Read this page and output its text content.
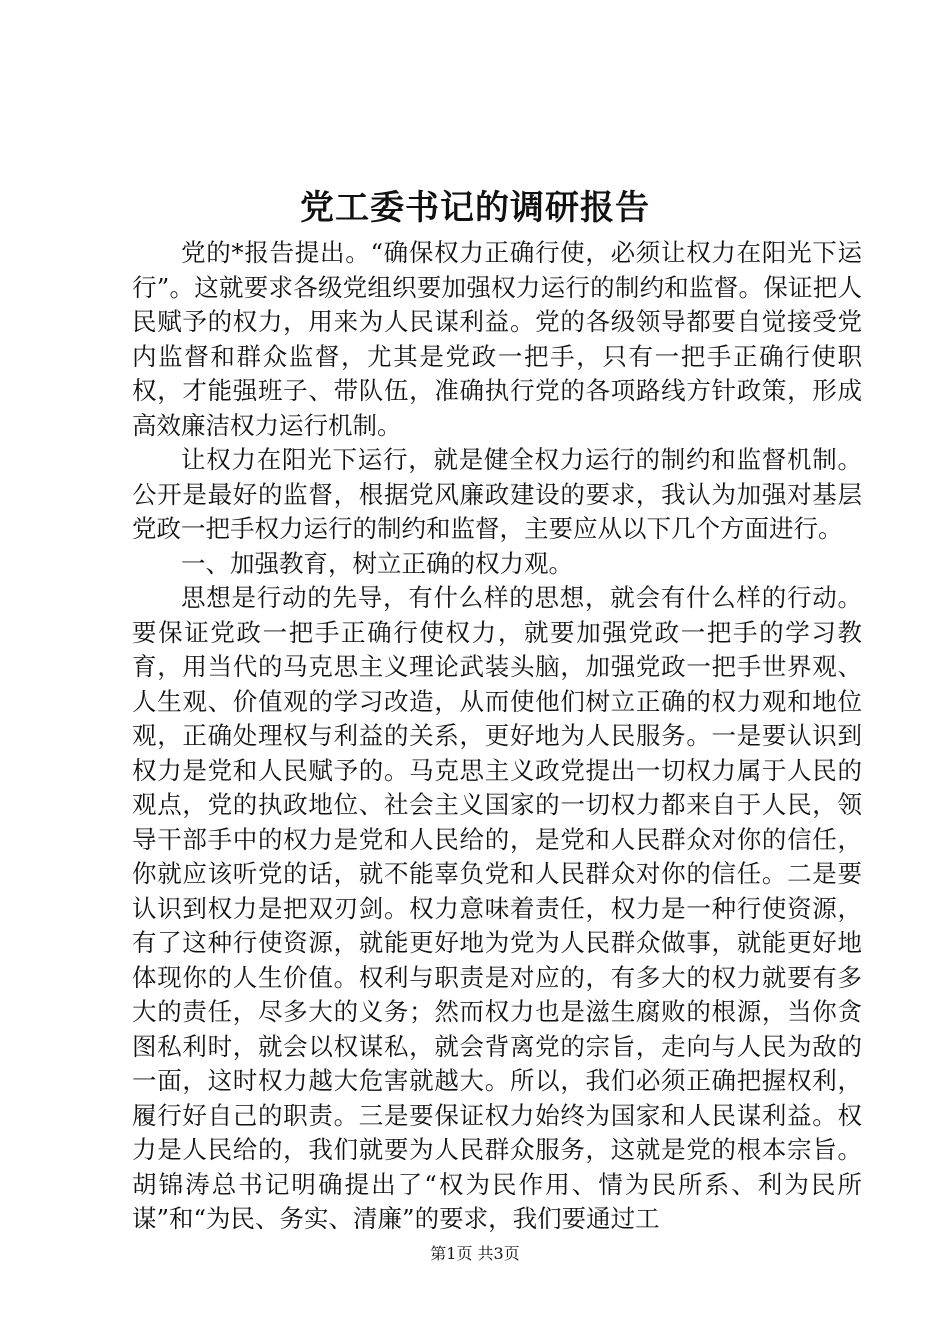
党工委书记的调研报告

党的*报告提出。“确保权力正确行使，必须让权力在阳光下运行”。这就要求各级党组织要加强权力运行的制约和监督。保证把人民赋予的权力，用来为人民谋利益。党的各级领导都要自觉接受党内监督和群众监督，尤其是党政一把手，只有一把手正确行使职权，才能强班子、带队伍，准确执行党的各项路线方针政策，形成高效廉洁权力运行机制。

让权力在阳光下运行，就是健全权力运行的制约和监督机制。公开是最好的监督，根据党风廉政建设的要求，我认为加强对基层党政一把手权力运行的制约和监督，主要应从以下几个方面进行。

一、加强教育，树立正确的权力观。

思想是行动的先导，有什么样的思想，就会有什么样的行动。要保证党政一把手正确行使权力，就要加强党政一把手的学习教育，用当代的马克思主义理论武装头脑，加强党政一把手世界观、人生观、价值观的学习改造，从而使他们树立正确的权力观和地位观，正确处理权与利益的关系，更好地为人民服务。一是要认识到权力是党和人民赋予的。马克思主义政党提出一切权力属于人民的观点，党的执政地位、社会主义国家的一切权力都来自于人民，领导干部手中的权力是党和人民给的，是党和人民群众对你的信任，你就应该听党的话，就不能辜负党和人民群众对你的信任。二是要认识到权力是把双刃剑。权力意味着责任，权力是一种行使资源，有了这种行使资源，就能更好地为党为人民群众做事，就能更好地体现你的人生价值。权利与职责是对应的，有多大的权力就要有多大的责任，尽多大的义务；然而权力也是滋生腐败的根源，当你贪图私利时，就会以权谋私，就会背离党的宗旨，走向与人民为敌的一面，这时权力越大危害就越大。所以，我们必须正确把握权利，履行好自己的职责。三是要保证权力始终为国家和人民谋利益。权力是人民给的，我们就要为人民群众服务，这就是党的根本宗旨。胡锦涛总书记明确提出了“权为民作用、情为民所系、利为民所谋”和“为民、务实、清廉”的要求，我们要通过工

第1页 共3页
